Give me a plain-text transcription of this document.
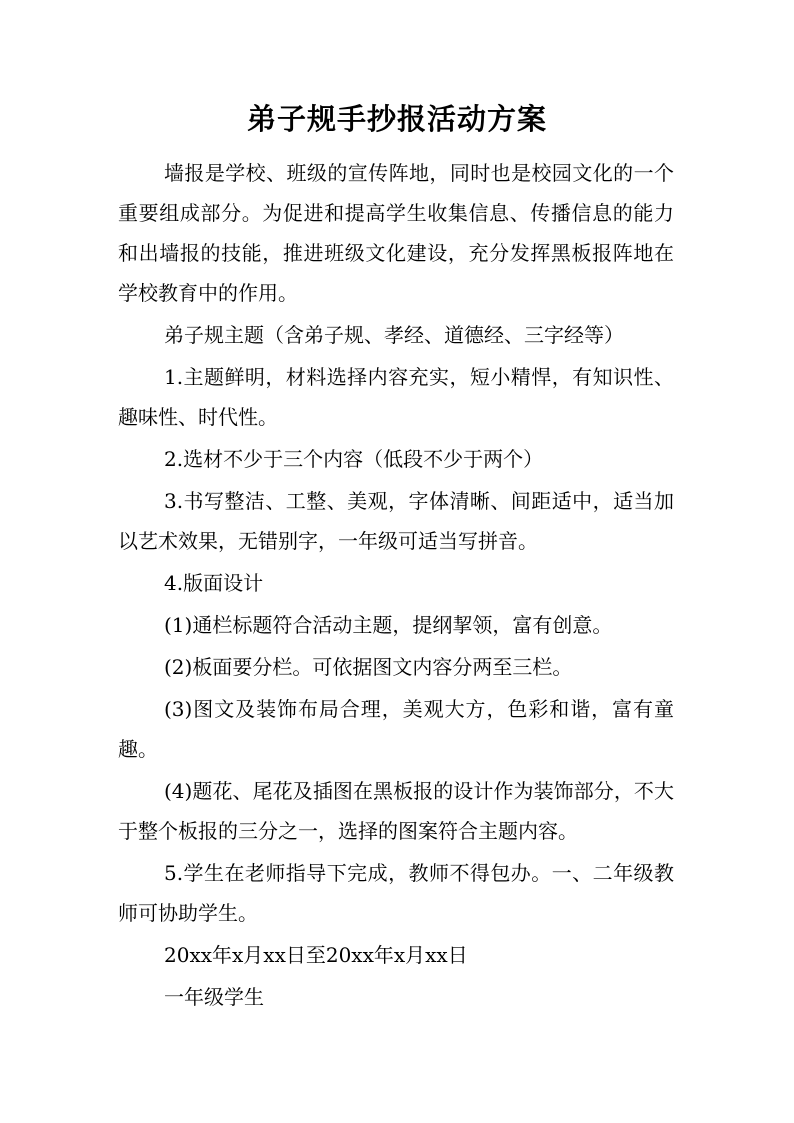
弟子规手抄报活动方案

墙报是学校、班级的宣传阵地，同时也是校园文化的一个重要组成部分。为促进和提高学生收集信息、传播信息的能力和出墙报的技能，推进班级文化建设，充分发挥黑板报阵地在学校教育中的作用。

弟子规主题（含弟子规、孝经、道德经、三字经等）

1.主题鲜明，材料选择内容充实，短小精悍，有知识性、趣味性、时代性。

2.选材不少于三个内容（低段不少于两个）

3.书写整洁、工整、美观，字体清晰、间距适中，适当加以艺术效果，无错别字，一年级可适当写拼音。

4.版面设计

(1)通栏标题符合活动主题，提纲挈领，富有创意。

(2)板面要分栏。可依据图文内容分两至三栏。

(3)图文及装饰布局合理，美观大方，色彩和谐，富有童趣。

(4)题花、尾花及插图在黑板报的设计作为装饰部分，不大于整个板报的三分之一，选择的图案符合主题内容。

5.学生在老师指导下完成，教师不得包办。一、二年级教师可协助学生。

20xx年x月xx日至20xx年x月xx日

一年级学生
